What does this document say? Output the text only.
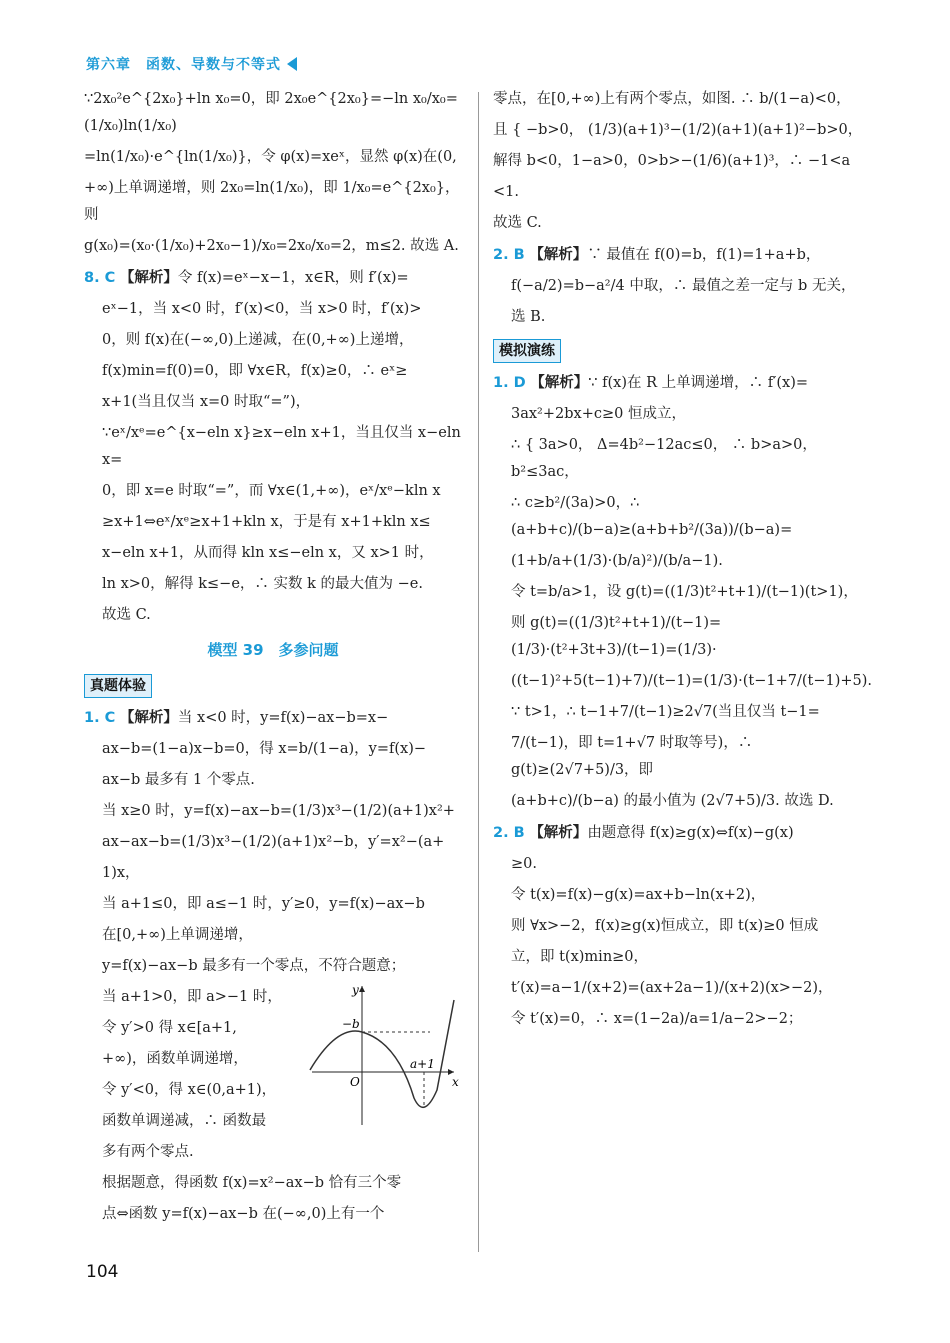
第六章　函数、导数与不等式

∵2x₀²e^{2x₀}+ln x₀=0，即 2x₀e^{2x₀}=−ln x₀/x₀=(1/x₀)ln(1/x₀)

=ln(1/x₀)·e^{ln(1/x₀)}，令 φ(x)=xeˣ，显然 φ(x)在(0,

+∞)上单调递增，则 2x₀=ln(1/x₀)，即 1/x₀=e^{2x₀}，则

g(x₀)=(x₀·(1/x₀)+2x₀−1)/x₀=2x₀/x₀=2，m≤2. 故选 A.

8. C 【解析】令 f(x)=eˣ−x−1，x∈R，则 f′(x)=

eˣ−1，当 x<0 时，f′(x)<0，当 x>0 时，f′(x)>

0，则 f(x)在(−∞,0)上递减，在(0,+∞)上递增，

f(x)min=f(0)=0，即 ∀x∈R，f(x)≥0，∴ eˣ≥

x+1(当且仅当 x=0 时取“=”)，

∵eˣ/xᵉ=e^{x−eln x}≥x−eln x+1，当且仅当 x−eln x=

0，即 x=e 时取“=”，而 ∀x∈(1,+∞)，eˣ/xᵉ−kln x

≥x+1⇔eˣ/xᵉ≥x+1+kln x，于是有 x+1+kln x≤

x−eln x+1，从而得 kln x≤−eln x，又 x>1 时，

ln x>0，解得 k≤−e，∴ 实数 k 的最大值为 −e.

故选 C.

模型 39　多参问题
真题体验

1. C 【解析】当 x<0 时，y=f(x)−ax−b=x−

ax−b=(1−a)x−b=0，得 x=b/(1−a)，y=f(x)−

ax−b 最多有 1 个零点.

当 x≥0 时，y=f(x)−ax−b=(1/3)x³−(1/2)(a+1)x²+

ax−ax−b=(1/3)x³−(1/2)(a+1)x²−b，y′=x²−(a+

1)x，

当 a+1≤0，即 a≤−1 时，y′≥0，y=f(x)−ax−b

在[0,+∞)上单调递增，

y=f(x)−ax−b 最多有一个零点，不符合题意；

y
x
O
−b
a+1

当 a+1>0，即 a>−1 时，

令 y′>0 得 x∈[a+1,

+∞)，函数单调递增，

令 y′<0，得 x∈(0,a+1)，

函数单调递减，∴ 函数最

多有两个零点.

根据题意，得函数 f(x)=x²−ax−b 恰有三个零

点⇔函数 y=f(x)−ax−b 在(−∞,0)上有一个

零点，在[0,+∞)上有两个零点，如图. ∴ b/(1−a)<0，

且 { −b>0， (1/3)(a+1)³−(1/2)(a+1)(a+1)²−b>0，

解得 b<0，1−a>0，0>b>−(1/6)(a+1)³，∴ −1<a

<1.

故选 C.

2. B 【解析】∵ 最值在 f(0)=b，f(1)=1+a+b，

f(−a/2)=b−a²/4 中取，∴ 最值之差一定与 b 无关，

选 B.

模拟演练

1. D 【解析】∵ f(x)在 R 上单调递增，∴ f′(x)=

3ax²+2bx+c≥0 恒成立，

∴ { 3a>0， Δ=4b²−12ac≤0， ∴ b>a>0，b²≤3ac，

∴ c≥b²/(3a)>0，∴ (a+b+c)/(b−a)≥(a+b+b²/(3a))/(b−a)=

(1+b/a+(1/3)·(b/a)²)/(b/a−1).

令 t=b/a>1，设 g(t)=((1/3)t²+t+1)/(t−1)(t>1)，

则 g(t)=((1/3)t²+t+1)/(t−1)=(1/3)·(t²+3t+3)/(t−1)=(1/3)·

((t−1)²+5(t−1)+7)/(t−1)=(1/3)·(t−1+7/(t−1)+5).

∵ t>1，∴ t−1+7/(t−1)≥2√7(当且仅当 t−1=

7/(t−1)，即 t=1+√7 时取等号)，∴ g(t)≥(2√7+5)/3，即

(a+b+c)/(b−a) 的最小值为 (2√7+5)/3. 故选 D.

2. B 【解析】由题意得 f(x)≥g(x)⇔f(x)−g(x)

≥0.

令 t(x)=f(x)−g(x)=ax+b−ln(x+2)，

则 ∀x>−2，f(x)≥g(x)恒成立，即 t(x)≥0 恒成

立，即 t(x)min≥0，

t′(x)=a−1/(x+2)=(ax+2a−1)/(x+2)(x>−2)，

令 t′(x)=0，∴ x=(1−2a)/a=1/a−2>−2；

104
